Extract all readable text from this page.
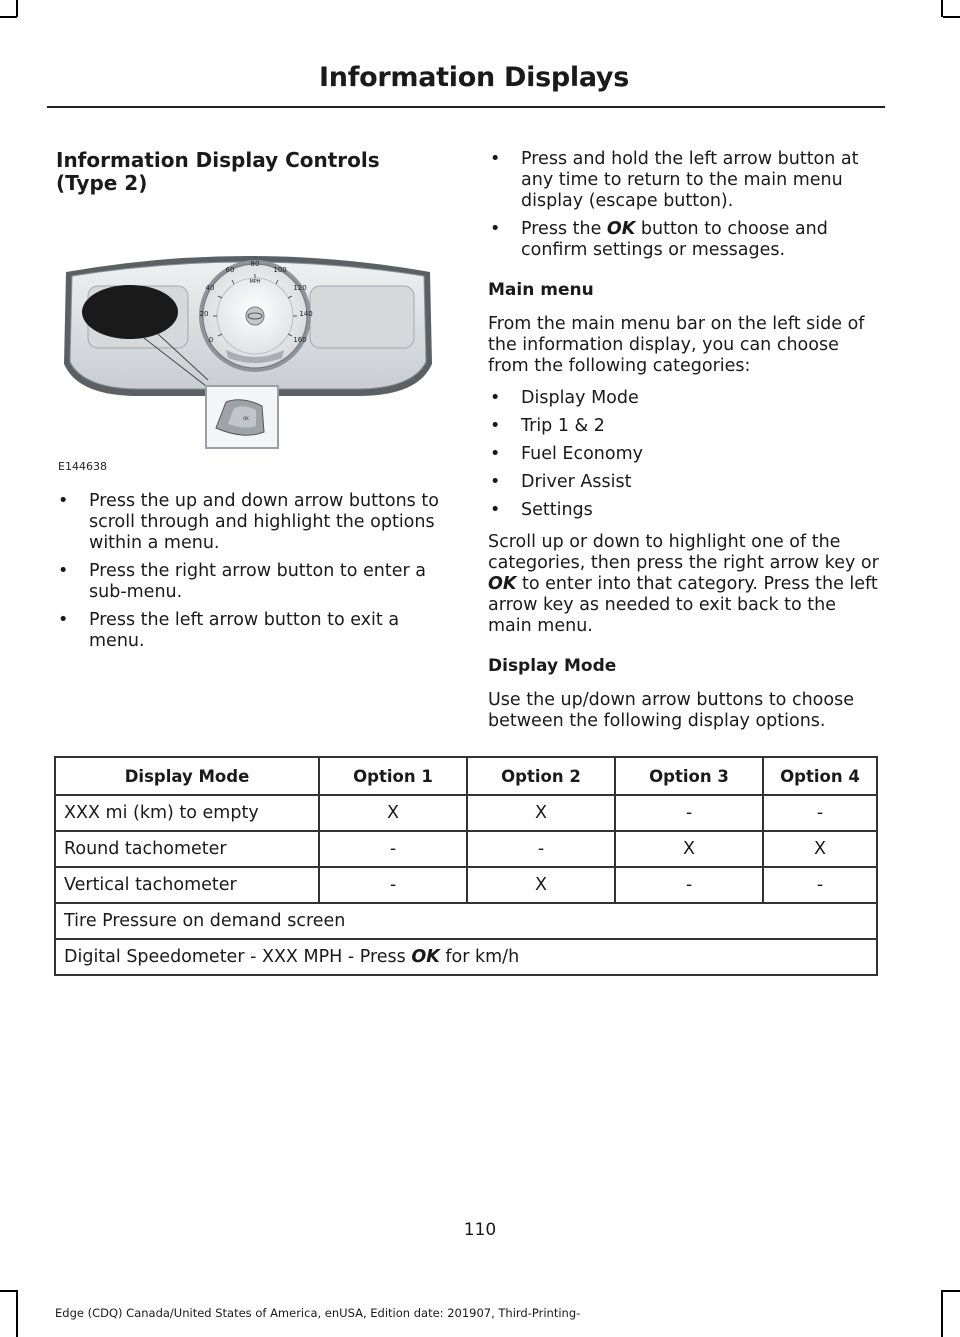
Information Displays
Information Display Controls
(Type 2)
0
20
40
60
80
100
120
140
160
MPH
OK
E144638
• Press the up and down arrow buttons to scroll through and highlight the options within a menu.
• Press the right arrow button to enter a sub-menu.
• Press the left arrow button to exit a menu.
• Press and hold the left arrow button at any time to return to the main menu display (escape button).
• Press the OK button to choose and confirm settings or messages.
Main menu
From the main menu bar on the left side of the information display, you can choose from the following categories:
• Display Mode
• Trip 1 & 2
• Fuel Economy
• Driver Assist
• Settings
Scroll up or down to highlight one of the categories, then press the right arrow key or OK to enter into that category. Press the left arrow key as needed to exit back to the main menu.
Display Mode
Use the up/down arrow buttons to choose between the following display options.
Display Mode	Option 1	Option 2	Option 3	Option 4
XXX mi (km) to empty	X	X	-	-
Round tachometer	-	-	X	X
Vertical tachometer	-	X	-	-
Tire Pressure on demand screen				
Digital Speedometer - XXX MPH - Press OK for km/h				
110
Edge (CDQ) Canada/United States of America, enUSA, Edition date: 201907, Third-Printing-
